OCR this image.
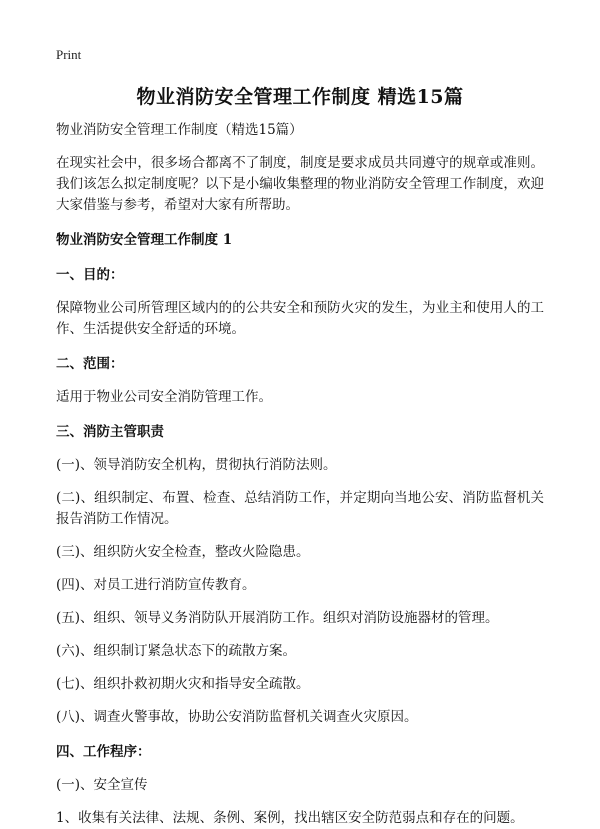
Print
物业消防安全管理工作制度 精选15篇

物业消防安全管理工作制度（精选15篇）

在现实社会中，很多场合都离不了制度，制度是要求成员共同遵守的规章或准则。我们该怎么拟定制度呢？以下是小编收集整理的物业消防安全管理工作制度，欢迎大家借鉴与参考，希望对大家有所帮助。

物业消防安全管理工作制度 1

一、目的：

保障物业公司所管理区域内的的公共安全和预防火灾的发生，为业主和使用人的工作、生活提供安全舒适的环境。

二、范围：

适用于物业公司安全消防管理工作。

三、消防主管职责

(一)、领导消防安全机构，贯彻执行消防法则。

(二)、组织制定、布置、检查、总结消防工作，并定期向当地公安、消防监督机关报告消防工作情况。

(三)、组织防火安全检查，整改火险隐患。

(四)、对员工进行消防宣传教育。

(五)、组织、领导义务消防队开展消防工作。组织对消防设施器材的管理。

(六)、组织制订紧急状态下的疏散方案。

(七)、组织扑救初期火灾和指导安全疏散。

(八)、调查火警事故，协助公安消防监督机关调查火灾原因。

四、工作程序：

(一)、安全宣传

1、收集有关法律、法规、条例、案例，找出辖区安全防范弱点和存在的问题。
